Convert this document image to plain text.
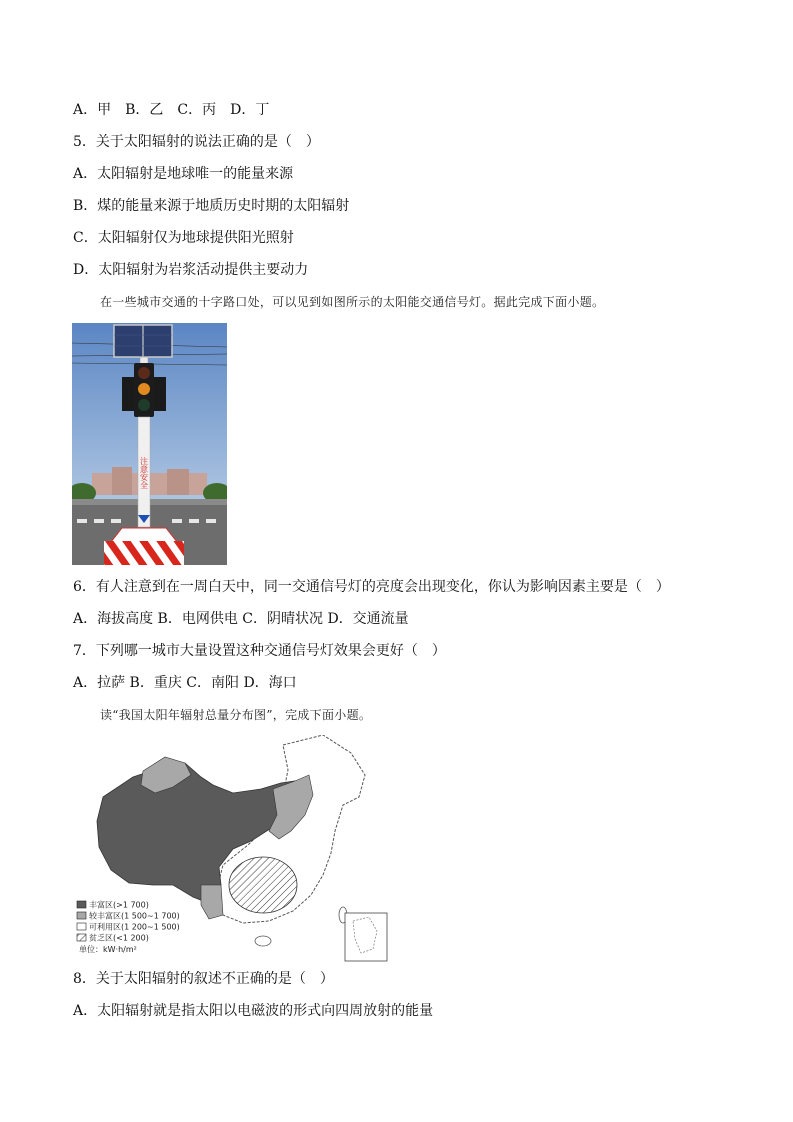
A．甲　B．乙　C．丙　D．丁
5．关于太阳辐射的说法正确的是（　）
A．太阳辐射是地球唯一的能量来源
B．煤的能量来源于地质历史时期的太阳辐射
C．太阳辐射仅为地球提供阳光照射
D．太阳辐射为岩浆活动提供主要动力
在一些城市交通的十字路口处，可以见到如图所示的太阳能交通信号灯。据此完成下面小题。
注意安全
6．有人注意到在一周白天中，同一交通信号灯的亮度会出现变化，你认为影响因素主要是（　）
A．海拔高度 B．电网供电 C．阴晴状况 D．交通流量
7．下列哪一城市大量设置这种交通信号灯效果会更好（　）
A．拉萨 B．重庆 C．南阳 D．海口
读“我国太阳年辐射总量分布图”，完成下面小题。
丰富区(>1 700)
较丰富区(1 500~1 700)
可利用区(1 200~1 500)
贫乏区(<1 200)
单位：kW·h/m²
8．关于太阳辐射的叙述不正确的是（　）
A．太阳辐射就是指太阳以电磁波的形式向四周放射的能量
